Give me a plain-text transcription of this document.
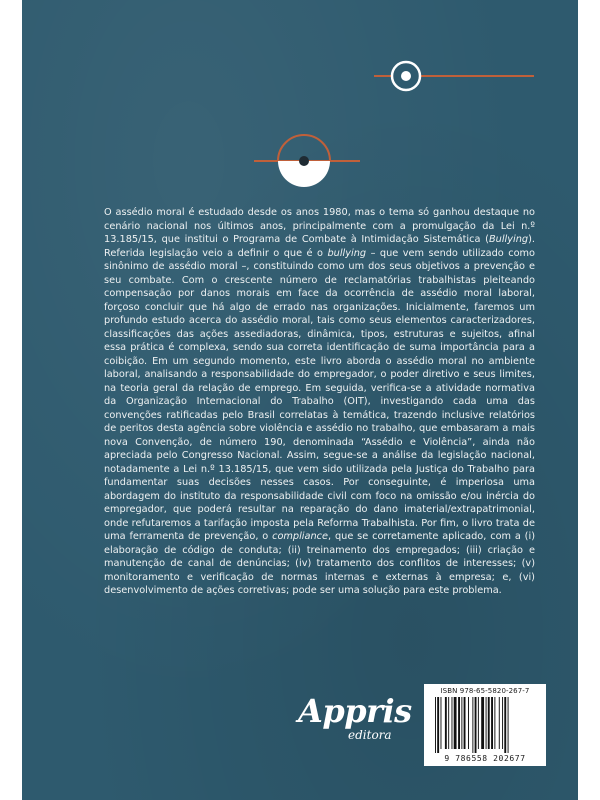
O assédio moral é estudado desde os anos 1980, mas o tema só ganhou destaque no cenário nacional nos últimos anos, principalmente com a promulgação da Lei n.º 13.185/15, que institui o Programa de Combate à Intimidação Sistemática (Bullying). Referida legislação veio a definir o que é o bullying – que vem sendo utilizado como sinônimo de assédio moral –, constituindo como um dos seus objetivos a prevenção e seu combate. Com o crescente número de reclamatórias trabalhistas pleiteando compensação por danos morais em face da ocorrência de assédio moral laboral, forçoso concluir que há algo de errado nas organizações. Inicialmente, faremos um profundo estudo acerca do assédio moral, tais como seus elementos caracterizadores, classificações das ações assediadoras, dinâmica, tipos, estruturas e sujeitos, afinal essa prática é complexa, sendo sua correta identificação de suma importância para a coibição. Em um segundo momento, este livro aborda o assédio moral no ambiente laboral, analisando a responsabilidade do empregador, o poder diretivo e seus limites, na teoria geral da relação de emprego. Em seguida, verifica-se a atividade normativa da Organização Internacional do Trabalho (OIT), investigando cada uma das convenções ratificadas pelo Brasil correlatas à temática, trazendo inclusive relatórios de peritos desta agência sobre violência e assédio no trabalho, que embasaram a mais nova Convenção, de número 190, denominada “Assédio e Violência”, ainda não apreciada pelo Congresso Nacional. Assim, segue-se a análise da legislação nacional, notadamente a Lei n.º 13.185/15, que vem sido utilizada pela Justiça do Trabalho para fundamentar suas decisões nesses casos. Por conseguinte, é imperiosa uma abordagem do instituto da responsabilidade civil com foco na omissão e/ou inércia do empregador, que poderá resultar na reparação do dano imaterial/extrapatrimonial, onde refutaremos a tarifação imposta pela Reforma Trabalhista. Por fim, o livro trata de uma ferramenta de prevenção, o compliance, que se corretamente aplicado, com a (i) elaboração de código de conduta; (ii) treinamento dos empregados; (iii) criação e manutenção de canal de denúncias; (iv) tratamento dos conflitos de interesses; (v) monitoramento e verificação de normas internas e externas à empresa; e, (vi) desenvolvimento de ações corretivas; pode ser uma solução para este problema.

Appris
editora
ISBN 978-65-5820-267-7
9 786558 202677
